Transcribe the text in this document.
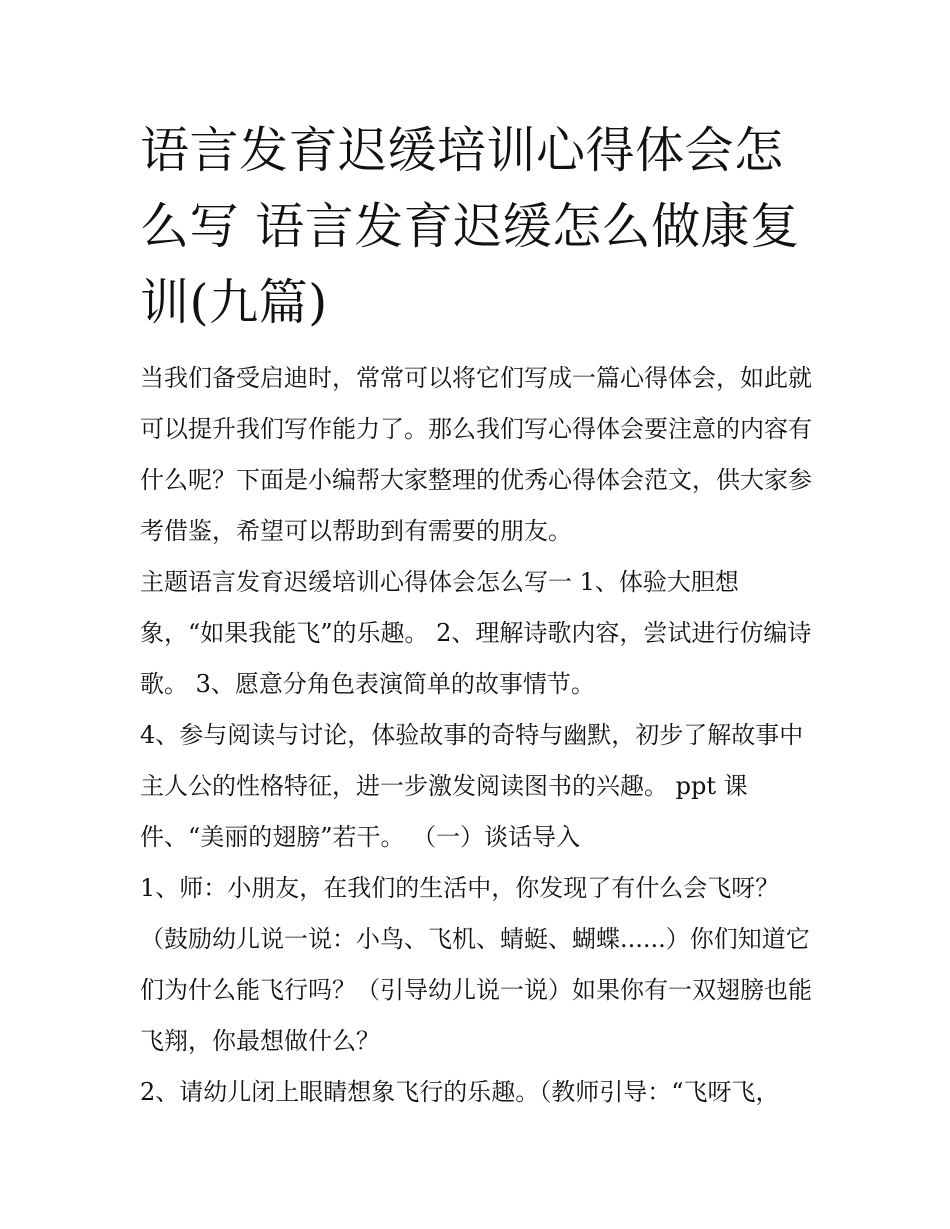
语言发育迟缓培训心得体会怎么写 语言发育迟缓怎么做康复训(九篇)

当我们备受启迪时，常常可以将它们写成一篇心得体会，如此就可以提升我们写作能力了。那么我们写心得体会要注意的内容有什么呢？下面是小编帮大家整理的优秀心得体会范文，供大家参考借鉴，希望可以帮助到有需要的朋友。

主题语言发育迟缓培训心得体会怎么写一 1、体验大胆想象，“如果我能飞”的乐趣。 2、理解诗歌内容，尝试进行仿编诗歌。 3、愿意分角色表演简单的故事情节。

4、参与阅读与讨论，体验故事的奇特与幽默，初步了解故事中主人公的性格特征，进一步激发阅读图书的兴趣。 ppt 课件、“美丽的翅膀”若干。 （一）谈话导入

1、师：小朋友，在我们的生活中，你发现了有什么会飞呀？（鼓励幼儿说一说：小鸟、飞机、蜻蜓、蝴蝶......）你们知道它们为什么能飞行吗？（引导幼儿说一说）如果你有一双翅膀也能飞翔，你最想做什么？

2、请幼儿闭上眼睛想象飞行的乐趣。（教师引导：“飞呀飞，
